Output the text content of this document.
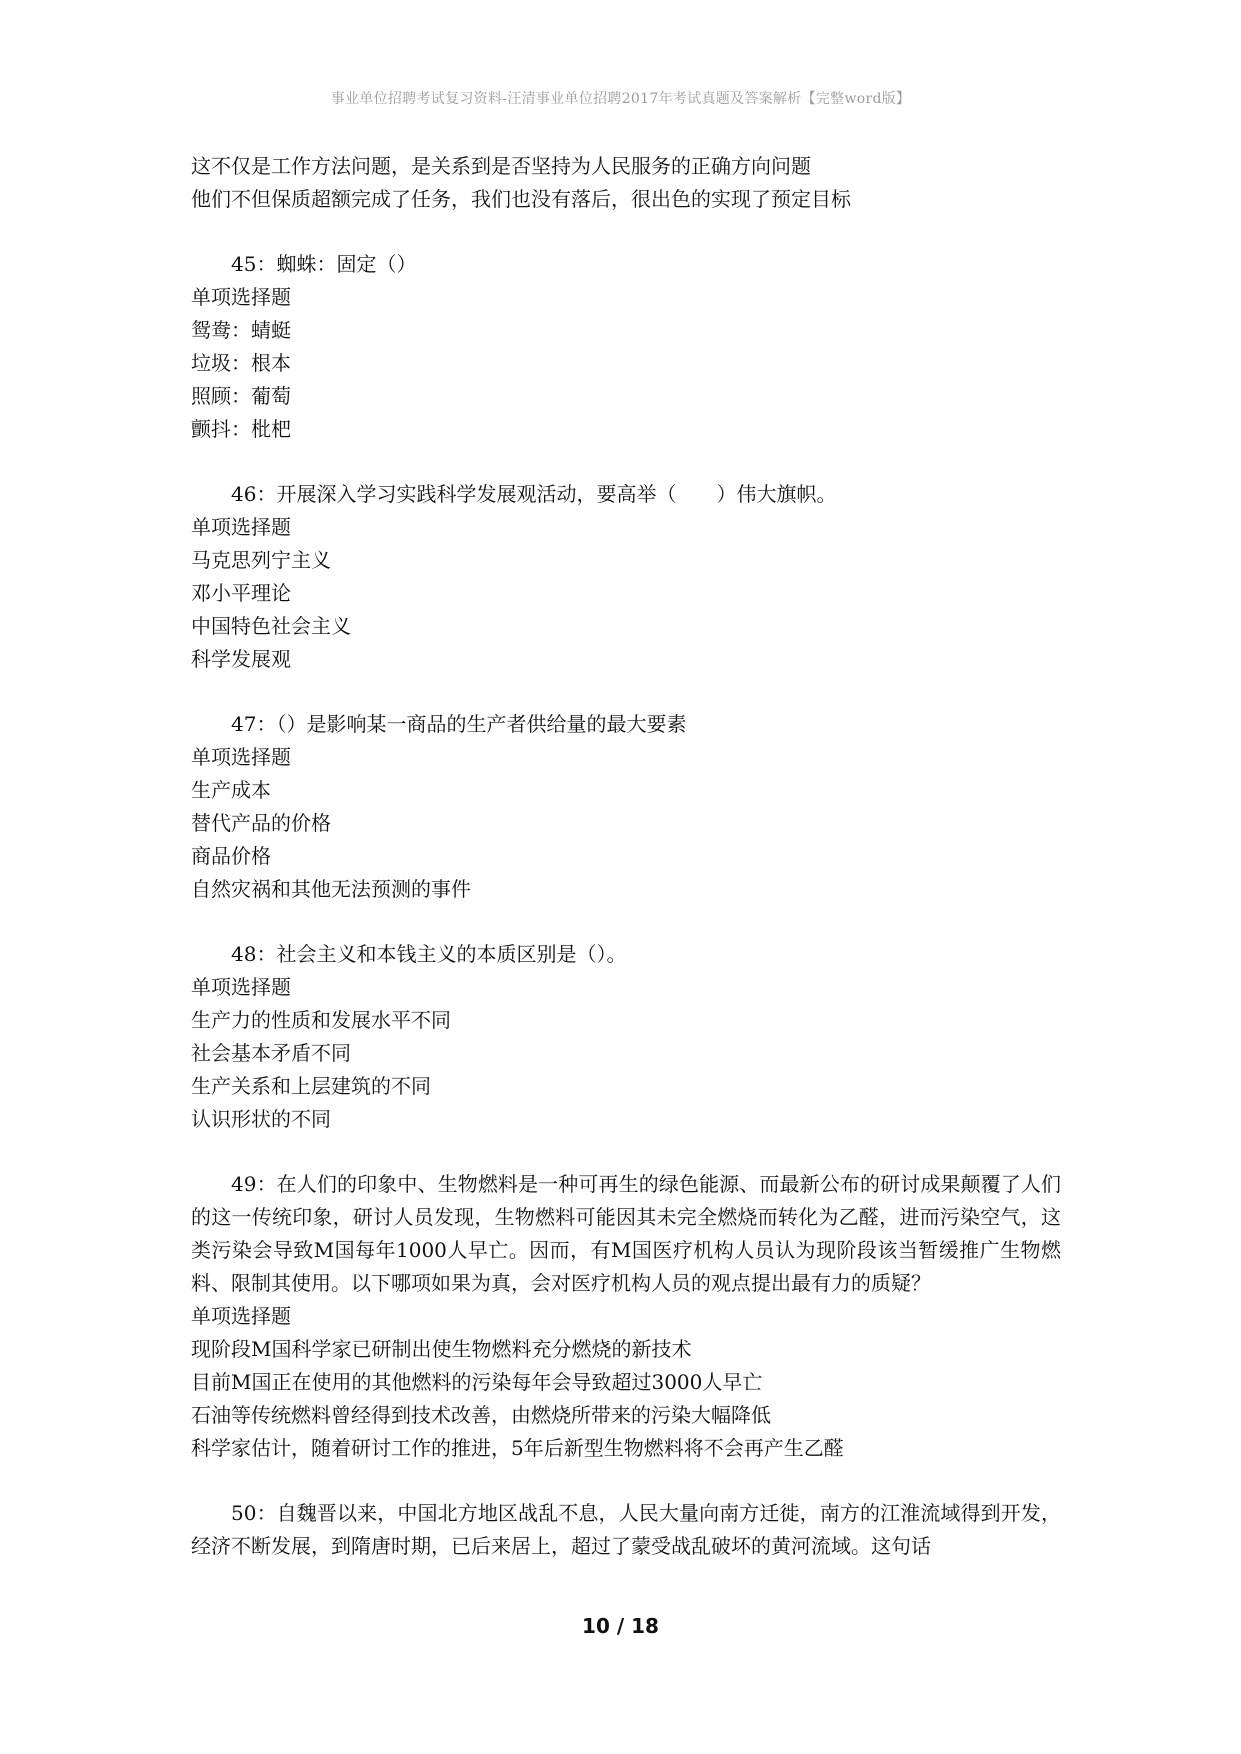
事业单位招聘考试复习资料-汪清事业单位招聘2017年考试真题及答案解析【完整word版】
这不仅是工作方法问题，是关系到是否坚持为人民服务的正确方向问题
他们不但保质超额完成了任务，我们也没有落后，很出色的实现了预定目标
45：蜘蛛：固定（）
单项选择题
鸳鸯：蜻蜓
垃圾：根本
照顾：葡萄
颤抖：枇杷
46：开展深入学习实践科学发展观活动，要高举（　　）伟大旗帜。
单项选择题
马克思列宁主义
邓小平理论
中国特色社会主义
科学发展观
47：（）是影响某一商品的生产者供给量的最大要素
单项选择题
生产成本
替代产品的价格
商品价格
自然灾祸和其他无法预测的事件
48：社会主义和本钱主义的本质区别是（）。
单项选择题
生产力的性质和发展水平不同
社会基本矛盾不同
生产关系和上层建筑的不同
认识形状的不同
49：在人们的印象中、生物燃料是一种可再生的绿色能源、而最新公布的研讨成果颠覆了人们的这一传统印象，研讨人员发现，生物燃料可能因其未完全燃烧而转化为乙醛，进而污染空气，这类污染会导致M国每年1000人早亡。因而，有M国医疗机构人员认为现阶段该当暂缓推广生物燃料、限制其使用。以下哪项如果为真，会对医疗机构人员的观点提出最有力的质疑？
单项选择题
现阶段M国科学家已研制出使生物燃料充分燃烧的新技术
目前M国正在使用的其他燃料的污染每年会导致超过3000人早亡
石油等传统燃料曾经得到技术改善，由燃烧所带来的污染大幅降低
科学家估计，随着研讨工作的推进，5年后新型生物燃料将不会再产生乙醛
50：自魏晋以来，中国北方地区战乱不息，人民大量向南方迁徙，南方的江淮流域得到开发，经济不断发展，到隋唐时期，已后来居上，超过了蒙受战乱破坏的黄河流域。这句话
10 / 18
